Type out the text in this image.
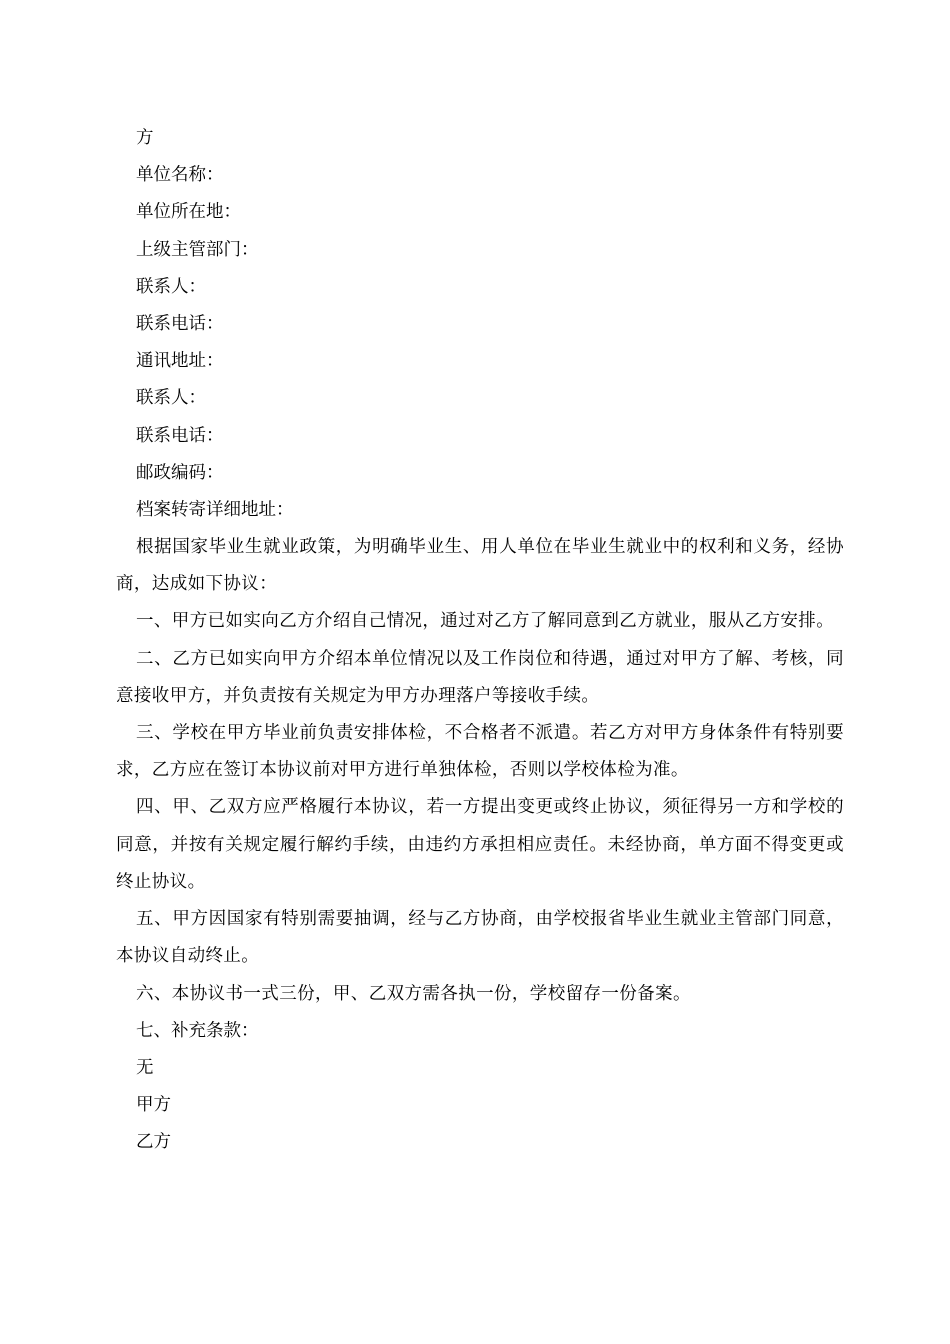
方
单位名称：
单位所在地：
上级主管部门：
联系人：
联系电话：
通讯地址：
联系人：
联系电话：
邮政编码：
档案转寄详细地址：
根据国家毕业生就业政策，为明确毕业生、用人单位在毕业生就业中的权利和义务，经协商，达成如下协议：
一、甲方已如实向乙方介绍自己情况，通过对乙方了解同意到乙方就业，服从乙方安排。
二、乙方已如实向甲方介绍本单位情况以及工作岗位和待遇，通过对甲方了解、考核，同意接收甲方，并负责按有关规定为甲方办理落户等接收手续。
三、学校在甲方毕业前负责安排体检，不合格者不派遣。若乙方对甲方身体条件有特别要求，乙方应在签订本协议前对甲方进行单独体检，否则以学校体检为准。
四、甲、乙双方应严格履行本协议，若一方提出变更或终止协议，须征得另一方和学校的同意，并按有关规定履行解约手续，由违约方承担相应责任。未经协商，单方面不得变更或终止协议。
五、甲方因国家有特别需要抽调，经与乙方协商，由学校报省毕业生就业主管部门同意，本协议自动终止。
六、本协议书一式三份，甲、乙双方需各执一份，学校留存一份备案。
七、补充条款：
无
甲方
乙方
